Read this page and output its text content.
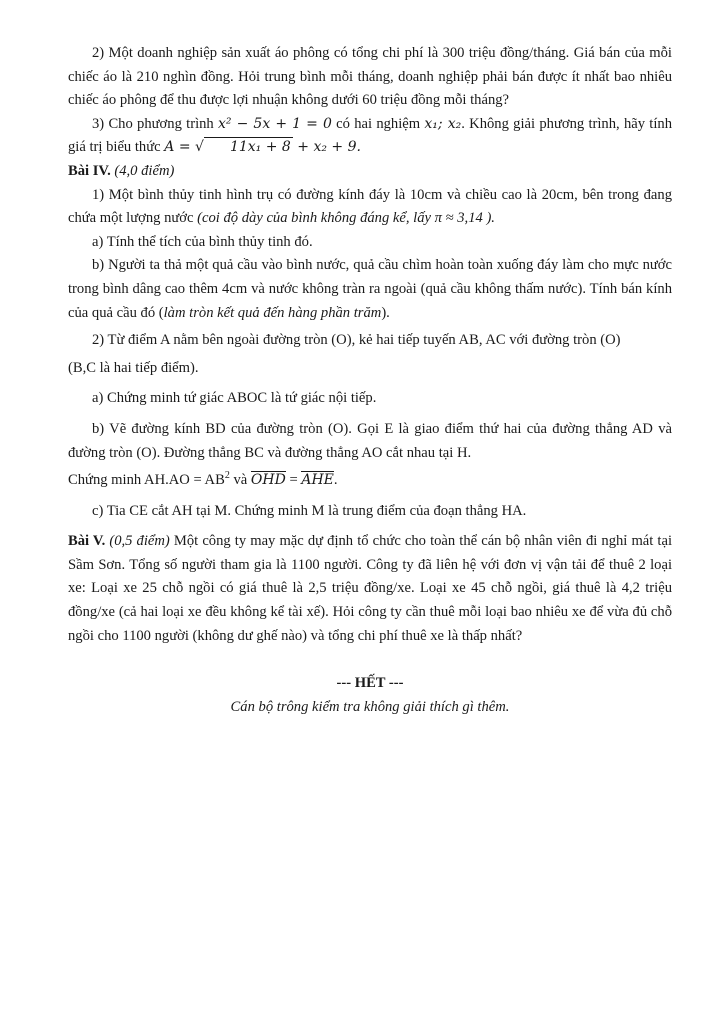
2) Một doanh nghiệp sản xuất áo phông có tổng chi phí là 300 triệu đồng/tháng. Giá bán của mỗi chiếc áo là 210 nghìn đồng. Hỏi trung bình mỗi tháng, doanh nghiệp phải bán được ít nhất bao nhiêu chiếc áo phông để thu được lợi nhuận không dưới 60 triệu đồng mỗi tháng?

3) Cho phương trình x² − 5x + 1 = 0 có hai nghiệm x₁; x₂. Không giải phương trình, hãy tính giá trị biểu thức A = √ 11x₁ + 8 + x₂ + 9.

Bài IV. (4,0 điểm)

1) Một bình thủy tinh hình trụ có đường kính đáy là 10cm và chiều cao là 20cm, bên trong đang chứa một lượng nước (coi độ dày của bình không đáng kể, lấy π ≈ 3,14 ).

a) Tính thể tích của bình thủy tinh đó.

b) Người ta thả một quả cầu vào bình nước, quả cầu chìm hoàn toàn xuống đáy làm cho mực nước trong bình dâng cao thêm 4cm và nước không tràn ra ngoài (quả cầu không thấm nước). Tính bán kính của quả cầu đó (làm tròn kết quả đến hàng phần trăm).

2) Từ điểm A nằm bên ngoài đường tròn (O), kẻ hai tiếp tuyến AB, AC với đường tròn (O)

(B,C là hai tiếp điểm).

a) Chứng minh tứ giác ABOC là tứ giác nội tiếp.

b) Vẽ đường kính BD của đường tròn (O). Gọi E là giao điểm thứ hai của đường thẳng AD và đường tròn (O). Đường thẳng BC và đường thẳng AO cắt nhau tại H.

Chứng minh $AH.AO = AB^2$ và OHD = AHE.

c) Tia CE cắt AH tại M. Chứng minh M là trung điểm của đoạn thẳng HA.

Bài V. (0,5 điểm) Một công ty may mặc dự định tổ chức cho toàn thể cán bộ nhân viên đi nghỉ mát tại Sầm Sơn. Tổng số người tham gia là 1100 người. Công ty đã liên hệ với đơn vị vận tải để thuê 2 loại xe: Loại xe 25 chỗ ngồi có giá thuê là 2,5 triệu đồng/xe. Loại xe 45 chỗ ngồi, giá thuê là 4,2 triệu đồng/xe (cả hai loại xe đều không kể tài xế). Hỏi công ty cần thuê mỗi loại bao nhiêu xe để vừa đủ chỗ ngồi cho 1100 người (không dư ghế nào) và tổng chi phí thuê xe là thấp nhất?

--- HẾT ---

Cán bộ trông kiểm tra không giải thích gì thêm.
